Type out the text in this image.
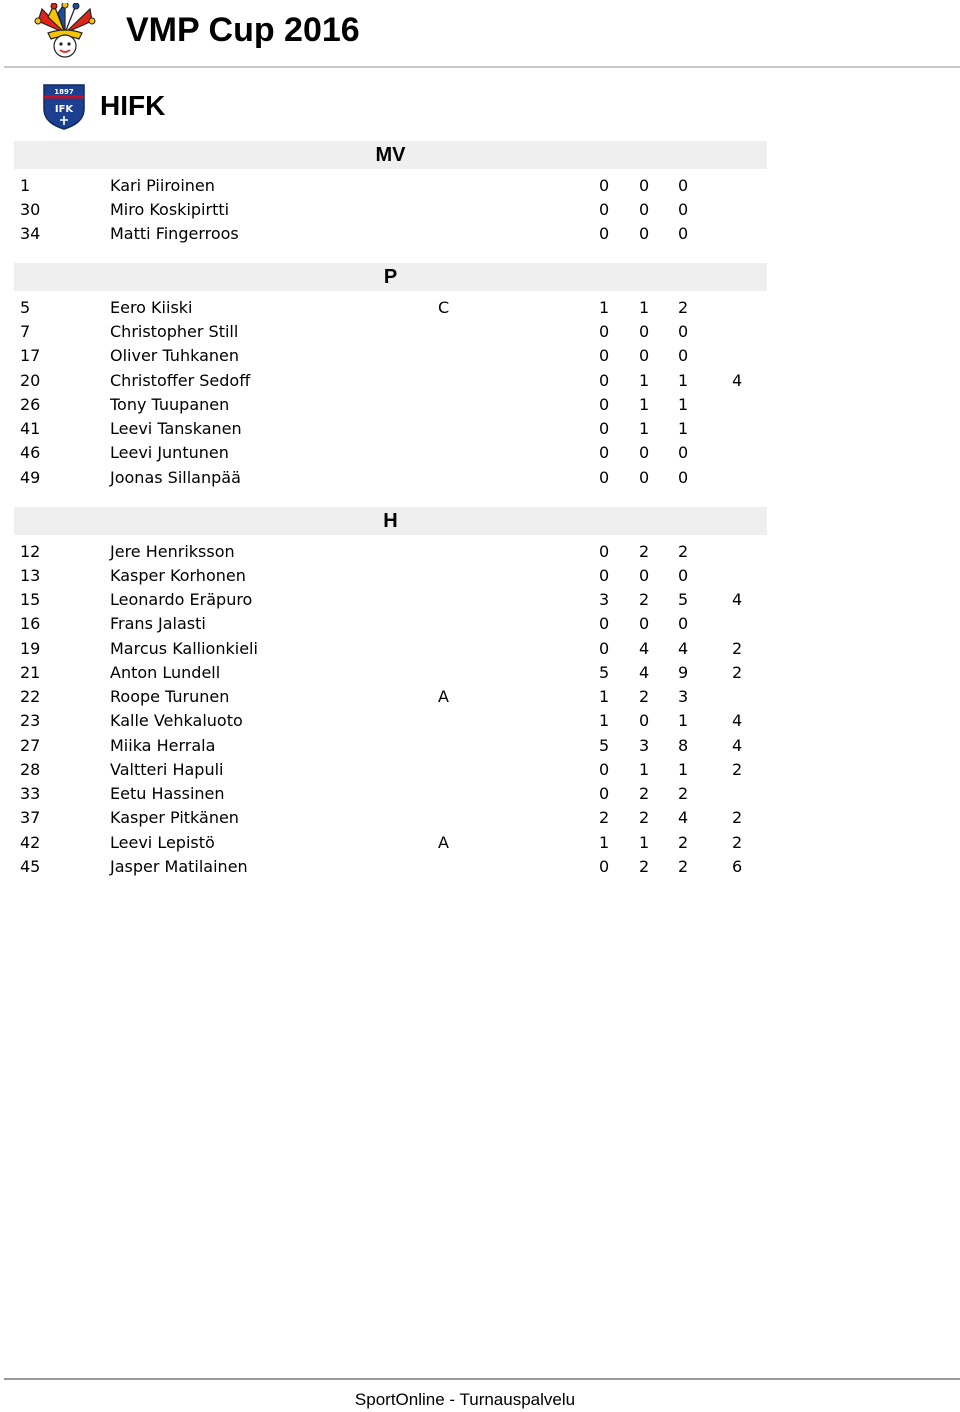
VMP Cup 2016
1897
IFK HIFK
MV
1	Kari Piiroinen	0 0 0
30	Miro Koskipirtti	0 0 0
34	Matti Fingerroos	0 0 0
P
5	Eero Kiiski	C	1 1 2
7	Christopher Still	0 0 0
17	Oliver Tuhkanen	0 0 0
20	Christoffer Sedoff	0 1 1	4
26	Tony Tuupanen	0 1 1
41	Leevi Tanskanen	0 1 1
46	Leevi Juntunen	0 0 0
49	Joonas Sillanpää	0 0 0
H
12	Jere Henriksson	0 2 2
13	Kasper Korhonen	0 0 0
15	Leonardo Eräpuro	3 2 5	4
16	Frans Jalasti	0 0 0
19	Marcus Kallionkieli	0 4 4	2
21	Anton Lundell	5 4 9	2
22	Roope Turunen	A	1 2 3
23	Kalle Vehkaluoto	1 0 1	4
27	Miika Herrala	5 3 8	4
28	Valtteri Hapuli	0 1 1	2
33	Eetu Hassinen	0 2 2
37	Kasper Pitkänen	2 2 4	2
42	Leevi Lepistö	A	1 1 2	2
45	Jasper Matilainen	0 2 2	6
SportOnline - Turnauspalvelu
